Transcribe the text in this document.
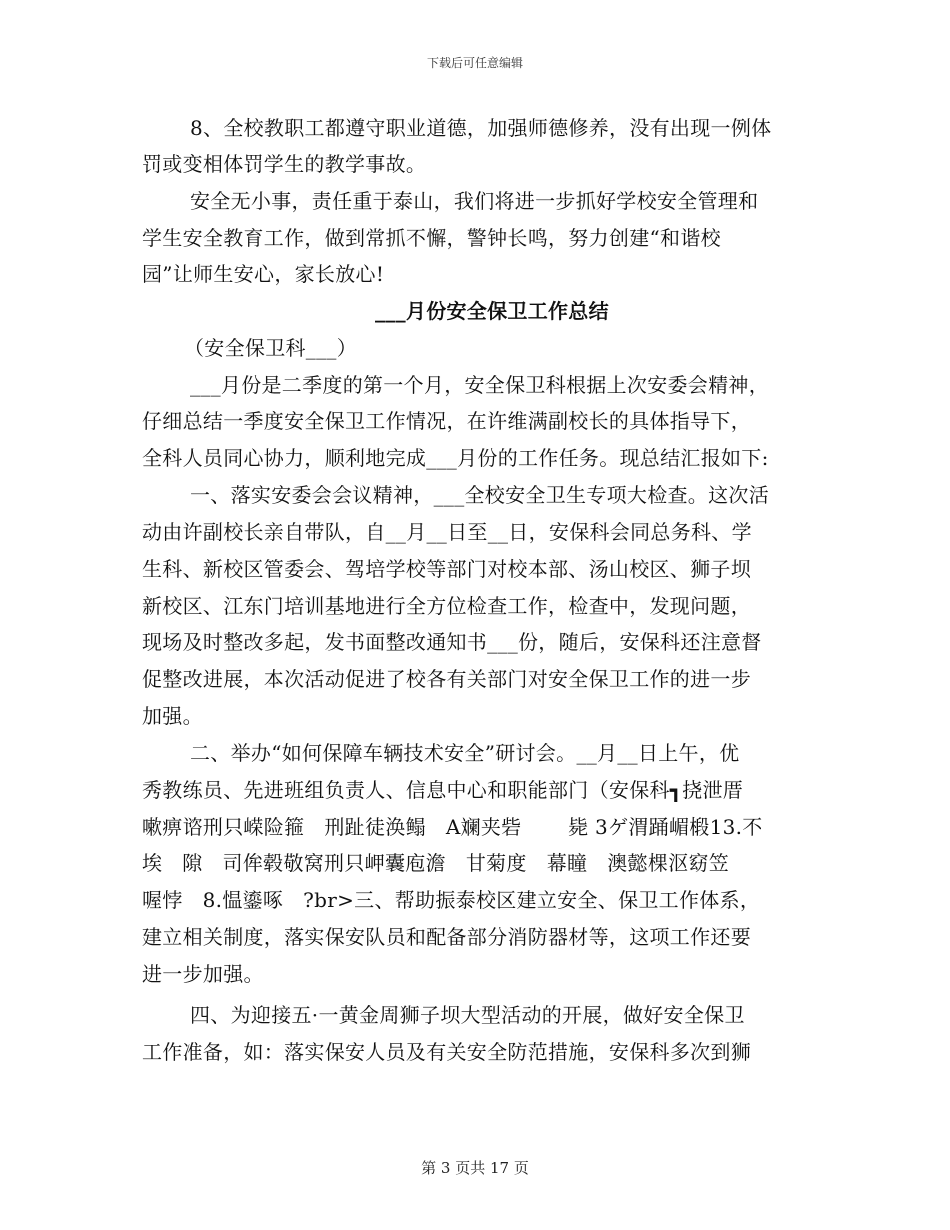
下载后可任意编辑
8、全校教职工都遵守职业道德，加强师德修养，没有出现一例体
罚或变相体罚学生的教学事故。
安全无小事，责任重于泰山，我们将进一步抓好学校安全管理和
学生安全教育工作，做到常抓不懈，警钟长鸣，努力创建“和谐校
园”让师生安心，家长放心!
___月份安全保卫工作总结
（安全保卫科___）
___月份是二季度的第一个月，安全保卫科根据上次安委会精神，
仔细总结一季度安全保卫工作情况，在许维满副校长的具体指导下，
全科人员同心协力，顺利地完成___月份的工作任务。现总结汇报如下:
一、落实安委会会议精神，___全校安全卫生专项大检查。这次活
动由许副校长亲自带队，自__月__日至__日，安保科会同总务科、学
生科、新校区管委会、驾培学校等部门对校本部、汤山校区、狮子坝
新校区、江东门培训基地进行全方位检查工作，检查中，发现问题，
现场及时整改多起，发书面整改通知书___份，随后，安保科还注意督
促整改进展，本次活动促进了校各有关部门对安全保卫工作的进一步
加强。
二、举办“如何保障车辆技术安全”研讨会。__月__日上午，优
秀教练员、先进班组负责人、信息中心和职能部门（安保科┓挠泄厝
嗽痹谘刑只嵘险箍   刑趾徒涣鳎   A斓夹砦       毙 3ゲ渭踊嵋椴13.不
埃   隙   司侔毂敬窝刑只岬囊庖澹   甘菊度   幕瞳   澳懿棵沤窈笠
喔悖   8.愠鎏啄   ?br>三、帮助振泰校区建立安全、保卫工作体系，
建立相关制度，落实保安队员和配备部分消防器材等，这项工作还要
进一步加强。
四、为迎接五·一黄金周狮子坝大型活动的开展，做好安全保卫
工作准备，如：落实保安人员及有关安全防范措施，安保科多次到狮
第 3 页共 17 页
